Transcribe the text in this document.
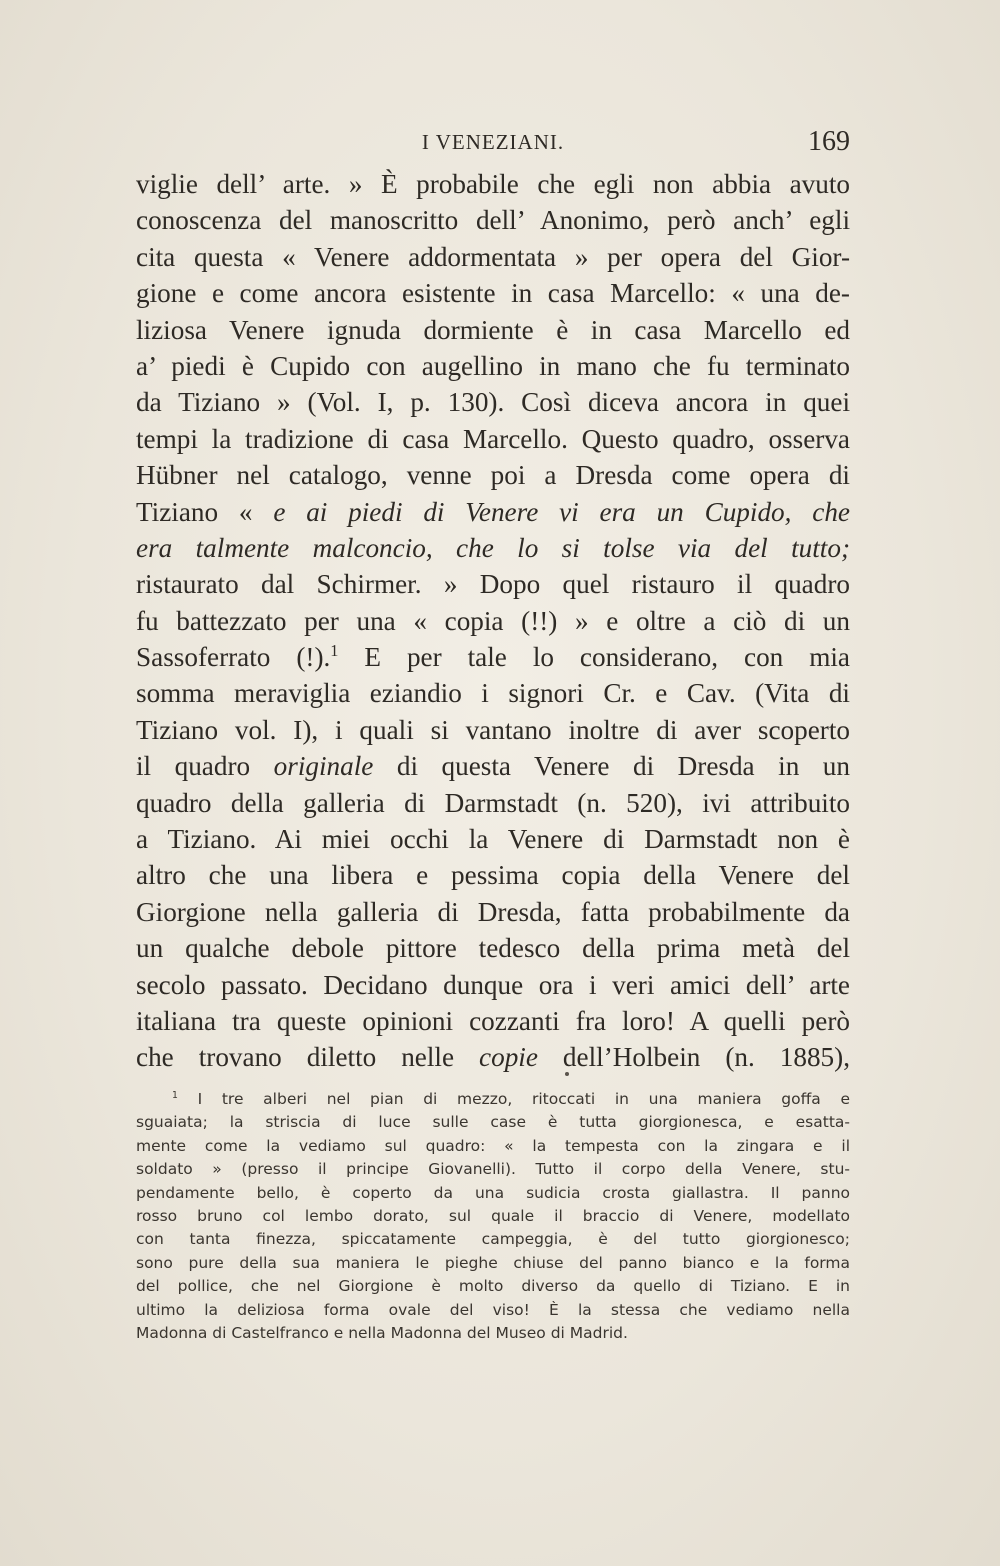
I VENEZIANI.	169
viglie dell’ arte. » È probabile che egli non abbia avuto
conoscenza del manoscritto dell’ Anonimo, però anch’ egli
cita questa « Venere addormentata » per opera del Gior-
gione e come ancora esistente in casa Marcello: « una de-
liziosa Venere ignuda dormiente è in casa Marcello ed
a’ piedi è Cupido con augellino in mano che fu terminato
da Tiziano » (Vol. I, p. 130). Così diceva ancora in quei
tempi la tradizione di casa Marcello. Questo quadro, osserva
Hübner nel catalogo, venne poi a Dresda come opera di
Tiziano « e ai piedi di Venere vi era un Cupido, che
era talmente malconcio, che lo si tolse via del tutto;
ristaurato dal Schirmer. » Dopo quel ristauro il quadro
fu battezzato per una « copia (!!) » e oltre a ciò di un
Sassoferrato (!).$^1$ E per tale lo considerano, con mia
somma meraviglia eziandio i signori Cr. e Cav. (Vita di
Tiziano vol. I), i quali si vantano inoltre di aver scoperto
il quadro originale di questa Venere di Dresda in un
quadro della galleria di Darmstadt (n. 520), ivi attribuito
a Tiziano. Ai miei occhi la Venere di Darmstadt non è
altro che una libera e pessima copia della Venere del
Giorgione nella galleria di Dresda, fatta probabilmente da
un qualche debole pittore tedesco della prima metà del
secolo passato. Decidano dunque ora i veri amici dell’ arte
italiana tra queste opinioni cozzanti fra loro! A quelli però
che trovano diletto nelle copie dell’Holbein (n. 1885),
$^1$ I tre alberi nel pian di mezzo, ritoccati in una maniera goffa e
sguaiata; la striscia di luce sulle case è tutta giorgionesca, e esatta-
mente come la vediamo sul quadro: « la tempesta con la zingara e il
soldato » (presso il principe Giovanelli). Tutto il corpo della Venere, stu-
pendamente bello, è coperto da una sudicia crosta giallastra. Il panno
rosso bruno col lembo dorato, sul quale il braccio di Venere, modellato
con tanta finezza, spiccatamente campeggia, è del tutto giorgionesco;
sono pure della sua maniera le pieghe chiuse del panno bianco e la forma
del pollice, che nel Giorgione è molto diverso da quello di Tiziano. E in
ultimo la deliziosa forma ovale del viso! È la stessa che vediamo nella
Madonna di Castelfranco e nella Madonna del Museo di Madrid.
